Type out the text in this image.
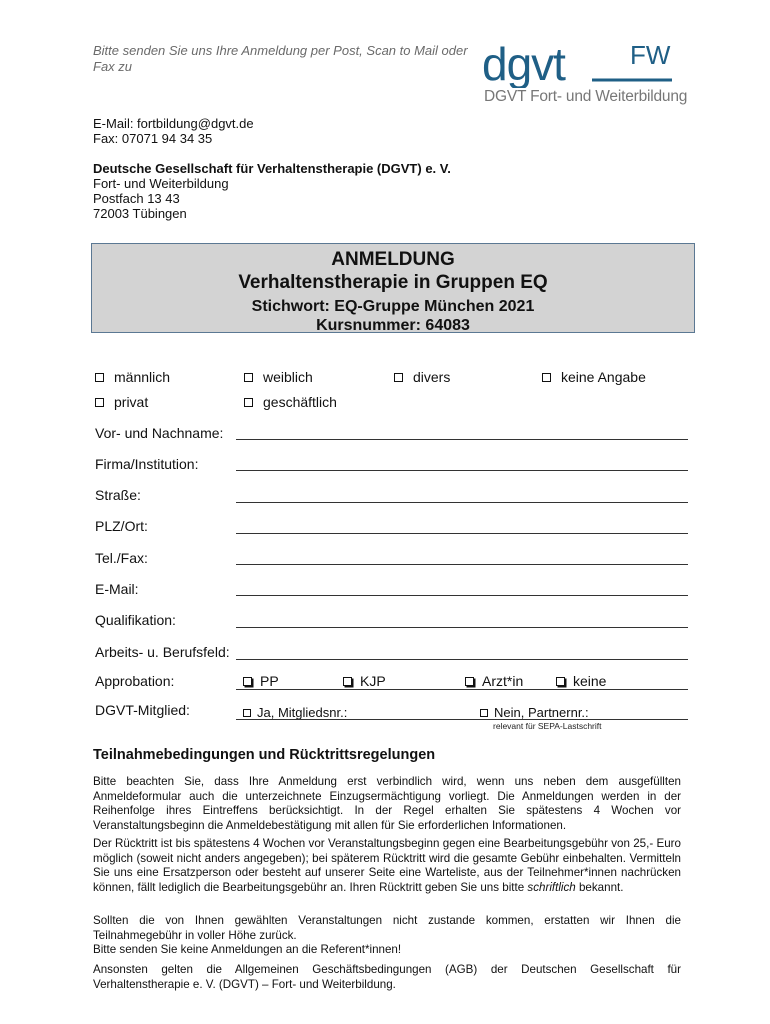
Bitte senden Sie uns Ihre Anmeldung per Post, Scan to Mail oder Fax zu	dgvt	FW
DGVT Fort- und Weiterbildung
E-Mail: fortbildung@dgvt.de
Fax: 07071 94 34 35
Deutsche Gesellschaft für Verhaltenstherapie (DGVT) e. V.
Fort- und Weiterbildung
Postfach 13 43
72003 Tübingen
ANMELDUNG
Verhaltenstherapie in Gruppen EQ
Stichwort: EQ-Gruppe München 2021
Kursnummer: 64083
männlich	weiblich	divers	keine Angabe
privat	geschäftlich
Vor- und Nachname:
Firma/Institution:
Straße:
PLZ/Ort:
Tel./Fax:
E-Mail:
Qualifikation:
Arbeits- u. Berufsfeld:
Approbation:	PP	KJP	Arzt*in	keine
DGVT-Mitglied:	Ja, Mitgliedsnr.:	Nein, Partnernr.:
relevant für SEPA-Lastschrift
Teilnahmebedingungen und Rücktrittsregelungen
Bitte beachten Sie, dass Ihre Anmeldung erst verbindlich wird, wenn uns neben dem ausgefüllten Anmeldeformular auch die unterzeichnete Einzugsermächtigung vorliegt. Die Anmeldungen werden in der Reihenfolge ihres Eintreffens berücksichtigt. In der Regel erhalten Sie spätestens 4 Wochen vor Veranstaltungsbeginn die Anmeldebestätigung mit allen für Sie erforderlichen Informationen.
Der Rücktritt ist bis spätestens 4 Wochen vor Veranstaltungsbeginn gegen eine Bearbeitungsgebühr von 25,- Euro möglich (soweit nicht anders angegeben); bei späterem Rücktritt wird die gesamte Gebühr einbehalten. Vermitteln Sie uns eine Ersatzperson oder besteht auf unserer Seite eine Warteliste, aus der Teilnehmer*innen nachrücken können, fällt lediglich die Bearbeitungsgebühr an. Ihren Rücktritt geben Sie uns bitte schriftlich bekannt.
Sollten die von Ihnen gewählten Veranstaltungen nicht zustande kommen, erstatten wir Ihnen die Teilnahmegebühr in voller Höhe zurück.
Bitte senden Sie keine Anmeldungen an die Referent*innen!
Ansonsten gelten die Allgemeinen Geschäftsbedingungen (AGB) der Deutschen Gesellschaft für Verhaltenstherapie e. V. (DGVT) – Fort- und Weiterbildung.
